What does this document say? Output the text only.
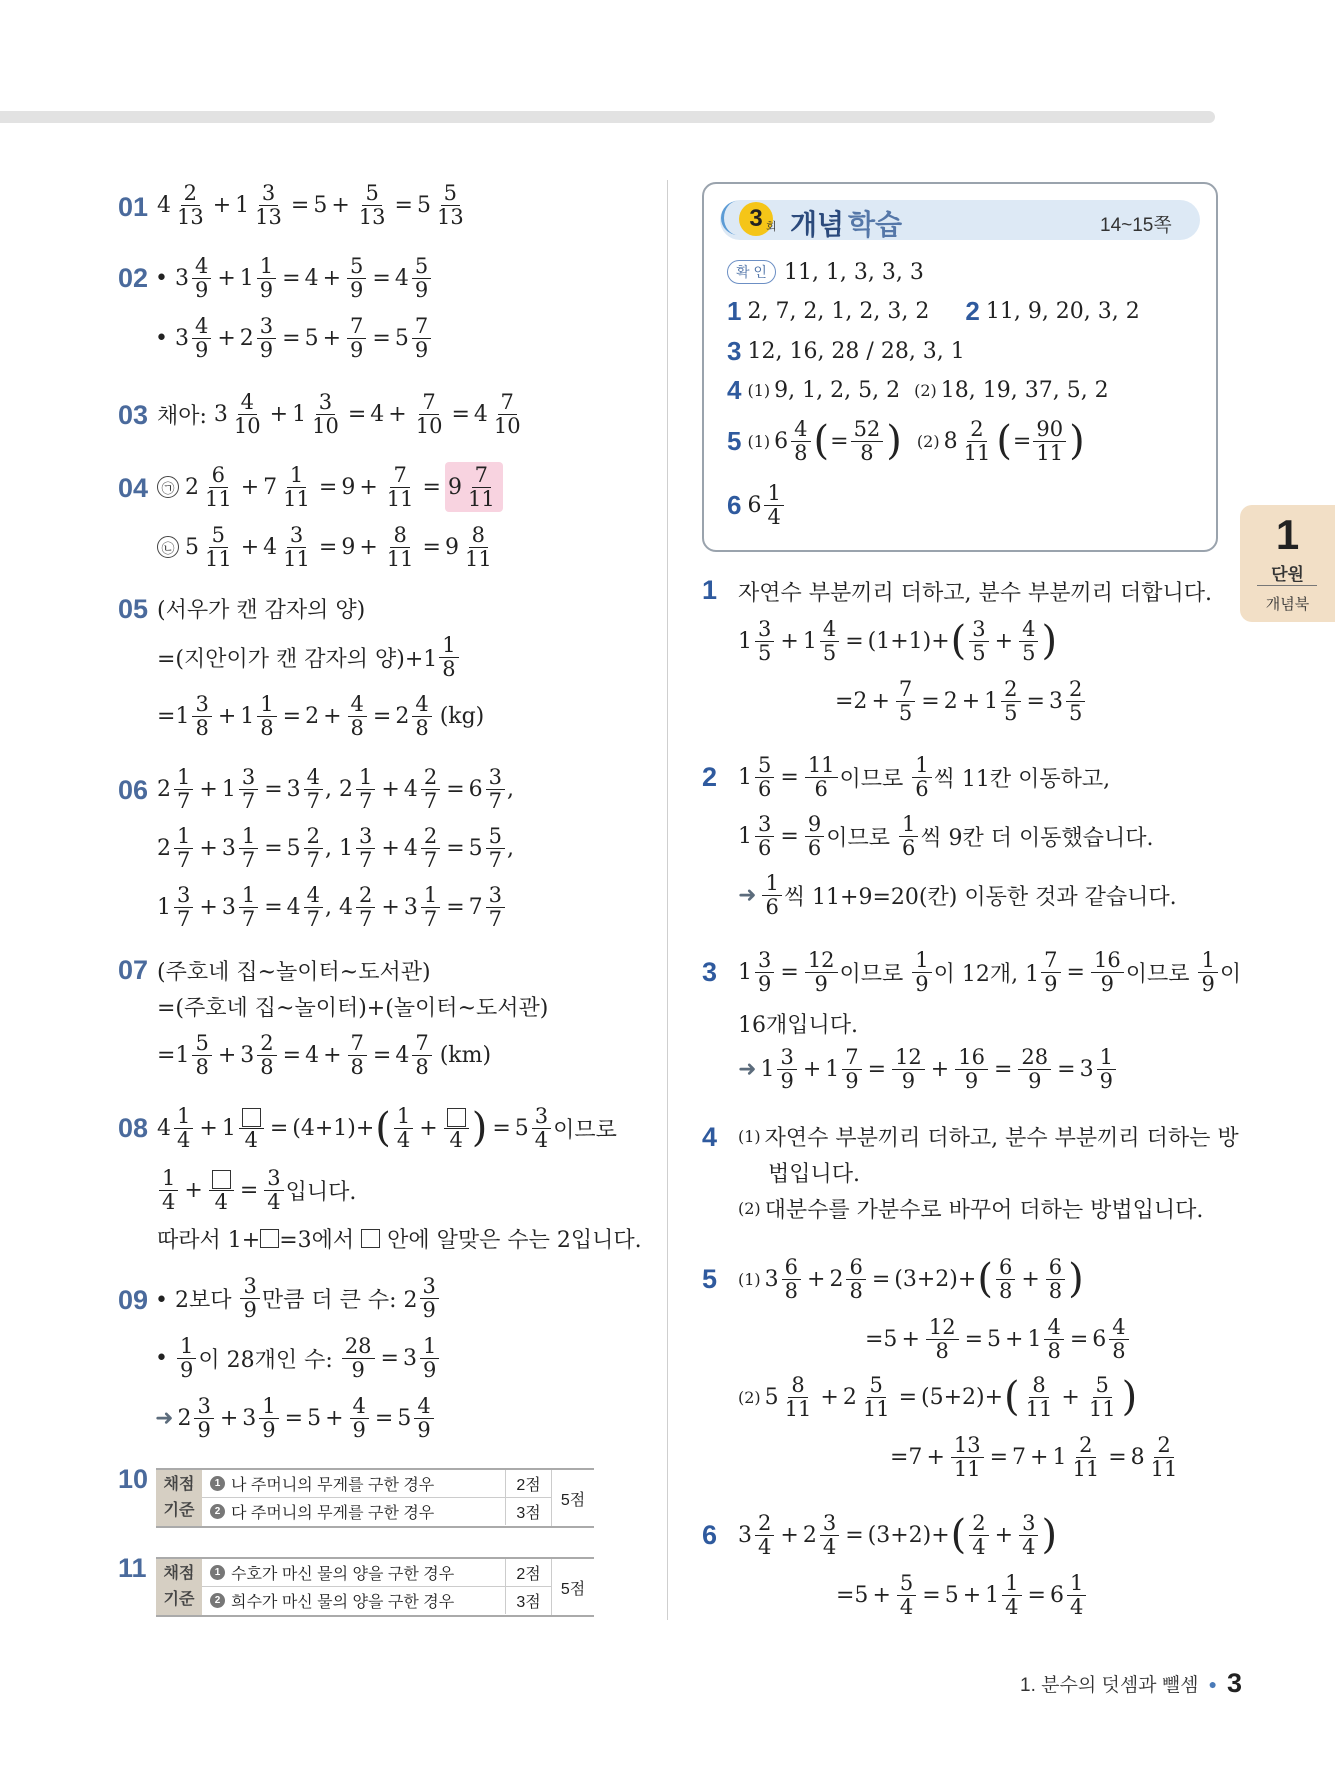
01 4 2
13 + 1 3
$13 = 5 + \frac{5}{13} = 5$ 5
13
02 • 3 4
9 + 1 1
$9 = 4 + \frac{5}{9} = 4$ 5
9
• 3 4
9 + 2 3
$9 = 5 + \frac{7}{9} = 5$ 7
9
03 채아: 3 4
10 + 1 3
$10 = 4 + \frac{7}{10} = 4$ 7
10
04	㉠ 2 6
11 + 7 1
$11 = 9 + \frac{7}{11} = 9$ 7
11
㉡ 5 5
11 + 4 3
$11 = 9 + \frac{8}{11} = 9$ 8
11
05 (서우가 캔 감자의 양)
=(지안이가 캔 감자의 양)+1
1
8
= 1 3
8 + 1 1
$8 = 2 + \frac{4}{8} = 2$ 4
8 (kg)
06 2 1
7 + 1 3
7 = 3 4
7 , 2 1
7 + 4 2
7 = 6 3
7 ,
2 1
7 + 3 1
7 = 5 2
7 , 1 3
7 + 4 2
7 = 5 5
7 ,
1 3
7 + 3 1
7 = 4 4
7 , 4 2
7 + 3 1
7 = 7 3
7
07 (주호네 집~놀이터~도서관)
=(주호네 집~놀이터)+(놀이터~도서관)
= 1 5
8 + 3 2
$8 = 4 + \frac{7}{8} = 4$ 7
8 (km)
08 4 1
4 + 1 4 = (4+1)+ ( 1
4 + 4 ) = 5 3
4 이므로
1
$4 + 4 = \frac{3}{4}$ 입니다.
따라서 1+ =3에서 안에 알맞은 수는 2입니다.
09 • 2보다
3
9 만큼 더 큰 수: 2
3
9
• 1
9 이 28개인 수: $\frac{28}{9} = 3$ 1
9
➜ 2 3
9 + 3 1
$9 = 5 + \frac{4}{9} = 5$ 4
9
10 채점
기준
1 나 주머니의 무게를 구한 경우	2점
2 다 주머니의 무게를 구한 경우	3점
5점
11 채점
기준
1 수호가 마신 물의 양을 구한 경우	2점
2 희수가 마신 물의 양을 구한 경우	3점
5점
3 회 개념 학습	14~15쪽
확 인 11, 1, 3, 3, 3
1 2, 7, 2, 1, 2, 3, 2 2 11, 9, 20, 3, 2
3 12, 16, 28 / 28, 3, 1
4 (1) 9, 1, 2, 5, 2 (2) 18, 19, 37, 5, 2
5 (1) 6 4
8 ( = $\frac{52}{8}$ ) (2) 8 2
11 ( = $\frac{90}{11}$ )
6 6 1
4
1 자연수 부분끼리 더하고, 분수 부분끼리 더합니다.
1 3
5 + 1 4
5 = (1+1)+ ( 3
$5 + \frac{4}{5}$ )
$=2 + \frac{7}{5} = 2 + 1$ 2
5 = 3 2
5
2 1 5
$6 = \frac{11}{6}$ 이므로
1
6 씩 11칸 이동하고,
1 3
$6 = \frac{9}{6}$ 이므로
1
6 씩 9칸 더 이동했습니다.
➜ 1
6 씩 11+9=20(칸) 이동한 것과 같습니다.
3 1 3
$9 = \frac{12}{9}$ 이므로
1
9 이 12개, $1 \frac{7}{9} = \frac{16}{9}$ 이므로
1
9 이
16개입니다.
➜ 1 3
9 + 1 7
$9 = \frac{12}{9} + \frac{16}{9} = \frac{28}{9} = 3$ 1
9
4 (1) 자연수 부분끼리 더하고, 분수 부분끼리 더하는 방
법입니다.
(2) 대분수를 가분수로 바꾸어 더하는 방법입니다.
5 (1) 3 6
8 + 2 6
8 = (3+2)+ ( 6
$8 + \frac{6}{8}$ )
$=5 + \frac{12}{8} = 5 + 1$ 4
8 = 6 4
8
(2) 5 8
11 + 2 5
11 = (5+2)+ ( 8
$11 + \frac{5}{11}$ )
$=7 + \frac{13}{11} = 7 + 1$ 2
11 = 8 2
11
6 3 2
4 + 2 3
4 = (3+2)+ ( 2
$4 + \frac{3}{4}$ )
$=5 + \frac{5}{4} = 5 + 1$ 1
4 = 6 1
4
1
단원
개념북
1. 분수의 덧셈과 뺄셈 ● 3
